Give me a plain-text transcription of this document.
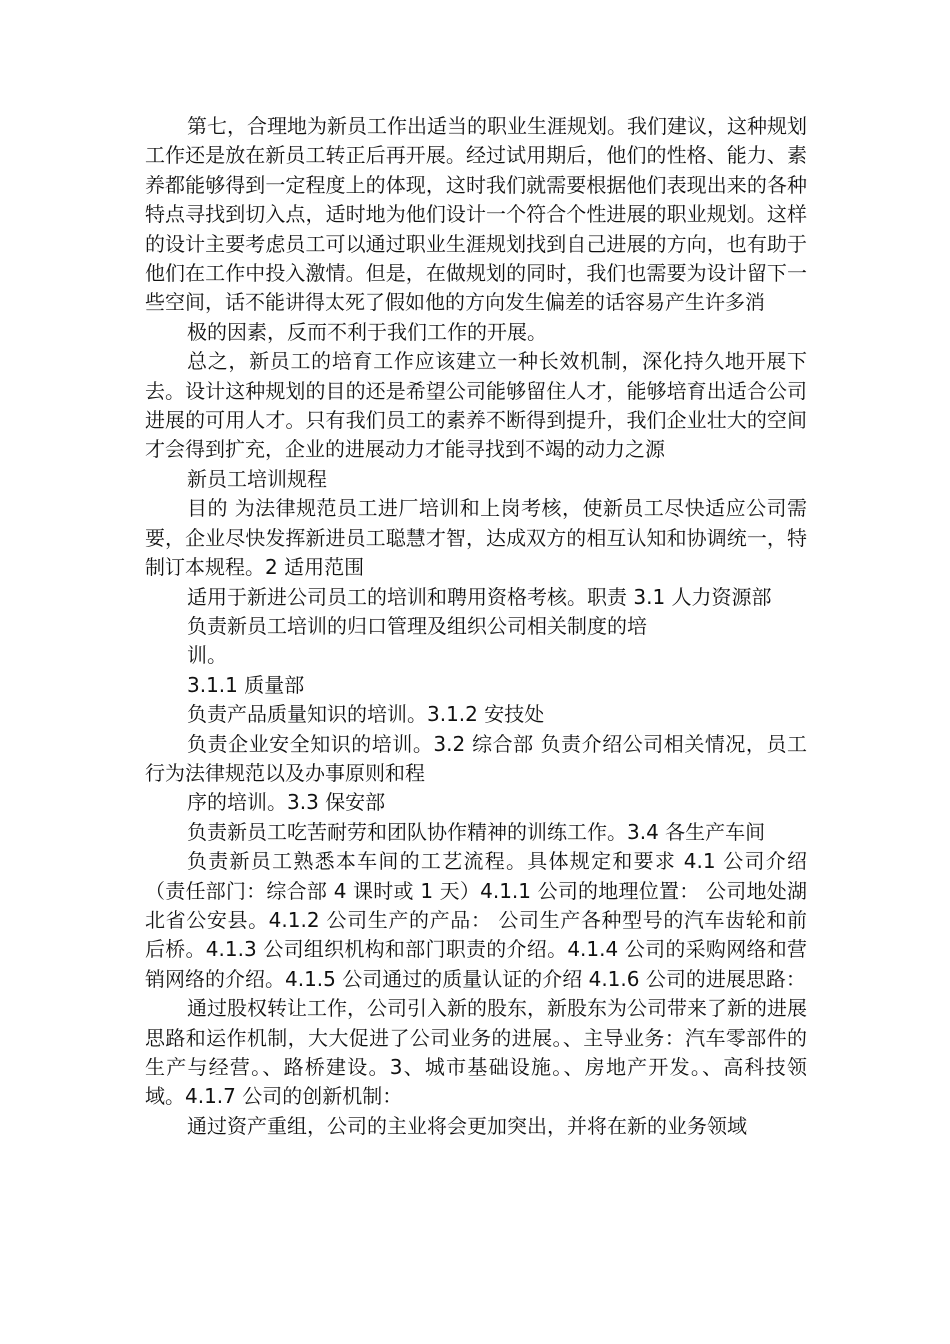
第七，合理地为新员工作出适当的职业生涯规划。我们建议，这种规划工作还是放在新员工转正后再开展。经过试用期后，他们的性格、能力、素养都能够得到一定程度上的体现，这时我们就需要根据他们表现出来的各种特点寻找到切入点，适时地为他们设计一个符合个性进展的职业规划。这样的设计主要考虑员工可以通过职业生涯规划找到自己进展的方向，也有助于他们在工作中投入激情。但是，在做规划的同时，我们也需要为设计留下一些空间，话不能讲得太死了假如他的方向发生偏差的话容易产生许多消

极的因素，反而不利于我们工作的开展。

总之，新员工的培育工作应该建立一种长效机制，深化持久地开展下去。设计这种规划的目的还是希望公司能够留住人才，能够培育出适合公司进展的可用人才。只有我们员工的素养不断得到提升，我们企业壮大的空间才会得到扩充，企业的进展动力才能寻找到不竭的动力之源

新员工培训规程

目的 为法律规范员工进厂培训和上岗考核，使新员工尽快适应公司需要，企业尽快发挥新进员工聪慧才智，达成双方的相互认知和协调统一，特制订本规程。2 适用范围

适用于新进公司员工的培训和聘用资格考核。职责 3.1 人力资源部

负责新员工培训的归口管理及组织公司相关制度的培

训。

3.1.1 质量部

负责产品质量知识的培训。3.1.2 安技处

负责企业安全知识的培训。3.2 综合部 负责介绍公司相关情况，员工行为法律规范以及办事原则和程

序的培训。3.3 保安部

负责新员工吃苦耐劳和团队协作精神的训练工作。3.4 各生产车间

负责新员工熟悉本车间的工艺流程。具体规定和要求 4.1 公司介绍（责任部门：综合部 4 课时或 1 天）4.1.1 公司的地理位置： 公司地处湖北省公安县。4.1.2 公司生产的产品： 公司生产各种型号的汽车齿轮和前后桥。4.1.3 公司组织机构和部门职责的介绍。4.1.4 公司的采购网络和营销网络的介绍。4.1.5 公司通过的质量认证的介绍 4.1.6 公司的进展思路：

通过股权转让工作，公司引入新的股东，新股东为公司带来了新的进展思路和运作机制，大大促进了公司业务的进展。、主导业务：汽车零部件的生产与经营。、路桥建设。3、城市基础设施。、房地产开发。、高科技领域。4.1.7 公司的创新机制：

通过资产重组，公司的主业将会更加突出，并将在新的业务领域
